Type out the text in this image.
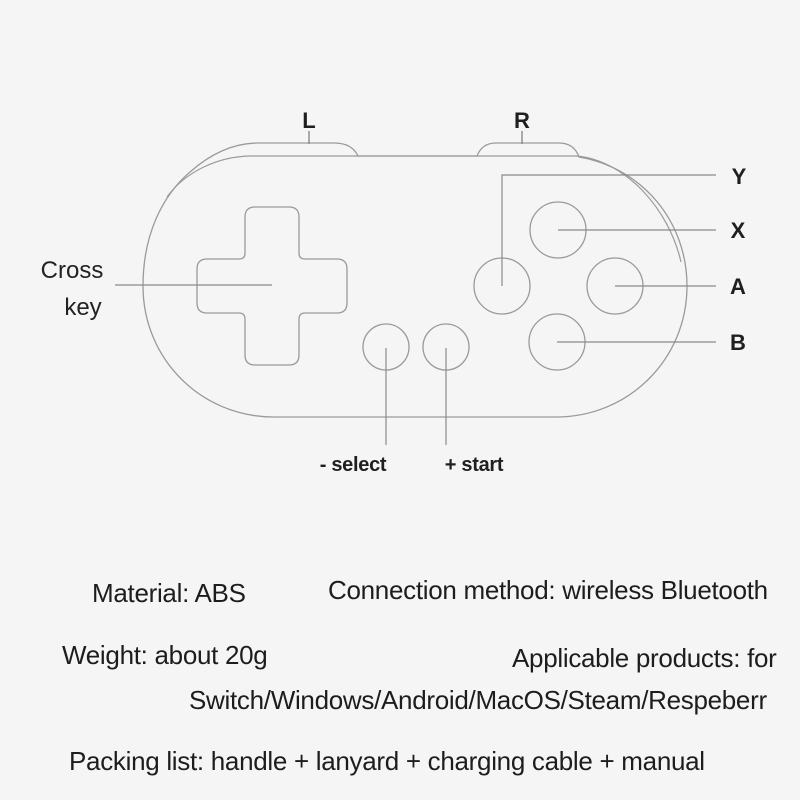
L	R
Y
X
A
B
Cross
key
- select	+ start
Material: ABS	Connection method: wireless Bluetooth
Weight: about 20g	Applicable products: for
Switch/Windows/Android/MacOS/Steam/Respeberr
Packing list: handle + lanyard + charging cable + manual
